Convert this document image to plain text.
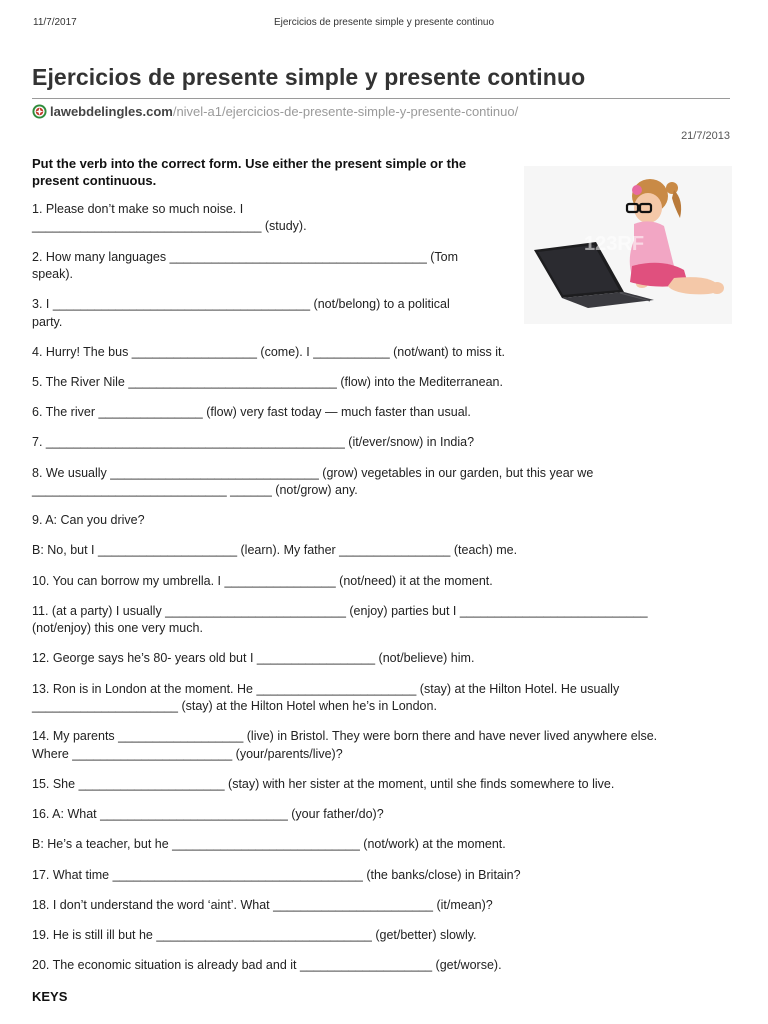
11/7/2017	Ejercicios de presente simple y presente continuo
Ejercicios de presente simple y presente continuo
lawebdelingles.com /nivel-a1/ejercicios-de-presente-simple-y-presente-continuo/
21/7/2013
Put the verb into the correct form. Use either the present simple or the present continuous.
123RF

1. Please don’t make so much noise. I
_________________________________ (study).

2. How many languages _____________________________________ (Tom
speak).

3. I _____________________________________ (not/belong) to a political
party.

4. Hurry! The bus __________________ (come). I ___________ (not/want) to miss it.

5. The River Nile ______________________________ (flow) into the Mediterranean.

6. The river _______________ (flow) very fast today — much faster than usual.

7. ___________________________________________ (it/ever/snow) in India?

8. We usually ______________________________ (grow) vegetables in our garden, but this year we
____________________________ ______ (not/grow) any.

9. A: Can you drive?

B: No, but I ____________________ (learn). My father ________________ (teach) me.

10. You can borrow my umbrella. I ________________ (not/need) it at the moment.

11. (at a party) I usually __________________________ (enjoy) parties but I ___________________________
(not/enjoy) this one very much.

12. George says he’s 80- years old but I _________________ (not/believe) him.

13. Ron is in London at the moment. He _______________________ (stay) at the Hilton Hotel. He usually
_____________________ (stay) at the Hilton Hotel when he’s in London.

14. My parents __________________ (live) in Bristol. They were born there and have never lived anywhere else.
Where _______________________ (your/parents/live)?

15. She _____________________ (stay) with her sister at the moment, until she finds somewhere to live.

16. A: What ___________________________ (your father/do)?

B: He’s a teacher, but he ___________________________ (not/work) at the moment.

17. What time ____________________________________ (the banks/close) in Britain?

18. I don’t understand the word ‘aint’. What _______________________ (it/mean)?

19. He is still ill but he _______________________________ (get/better) slowly.

20. The economic situation is already bad and it ___________________ (get/worse).

KEYS
